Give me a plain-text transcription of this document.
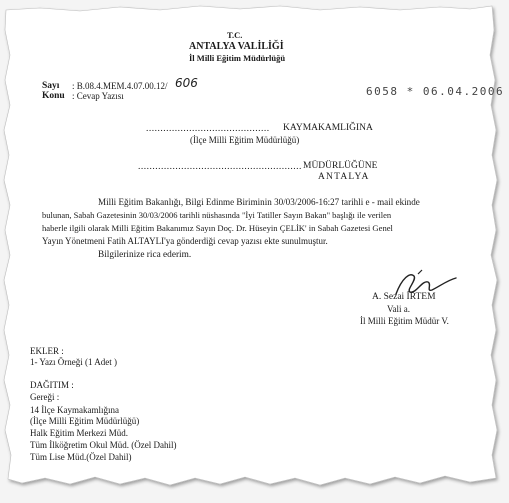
T.C.
ANTALYA VALİLİĞİ
İl Milli Eğitim Müdürlüğü
Sayı : B.08.4.MEM.4.07.00.12/ 606
Konu : Cevap Yazısı	6058 * 06.04.2006
........................................... KAYMAKAMLIĞINA
(İlçe Milli Eğitim Müdürlüğü)
......................................................... MÜDÜRLÜĞÜNE
ANTALYA
Milli Eğitim Bakanlığı, Bilgi Edinme Biriminin 30/03/2006-16:27 tarihli e - mail ekinde
bulunan, Sabah Gazetesinin 30/03/2006 tarihli nüshasında "İyi Tatiller Sayın Bakan" başlığı ile verilen
haberle ilgili olarak Milli Eğitim Bakanımız Sayın Doç. Dr. Hüseyin ÇELİK' in Sabah Gazetesi Genel
Yayın Yönetmeni Fatih ALTAYLI'ya gönderdiği cevap yazısı ekte sunulmuştur.
Bilgilerinize rica ederim.
A. Sezai İRTEM
Vali a.
İl Milli Eğitim Müdür V.
EKLER :
1- Yazı Örneği (1 Adet )
DAĞITIM :
Gereği :
14 İlçe Kaymakamlığına
(İlçe Milli Eğitim Müdürlüğü)
Halk Eğitim Merkezi Müd.
Tüm İlköğretim Okul Müd. (Özel Dahil)
Tüm Lise Müd.(Özel Dahil)
